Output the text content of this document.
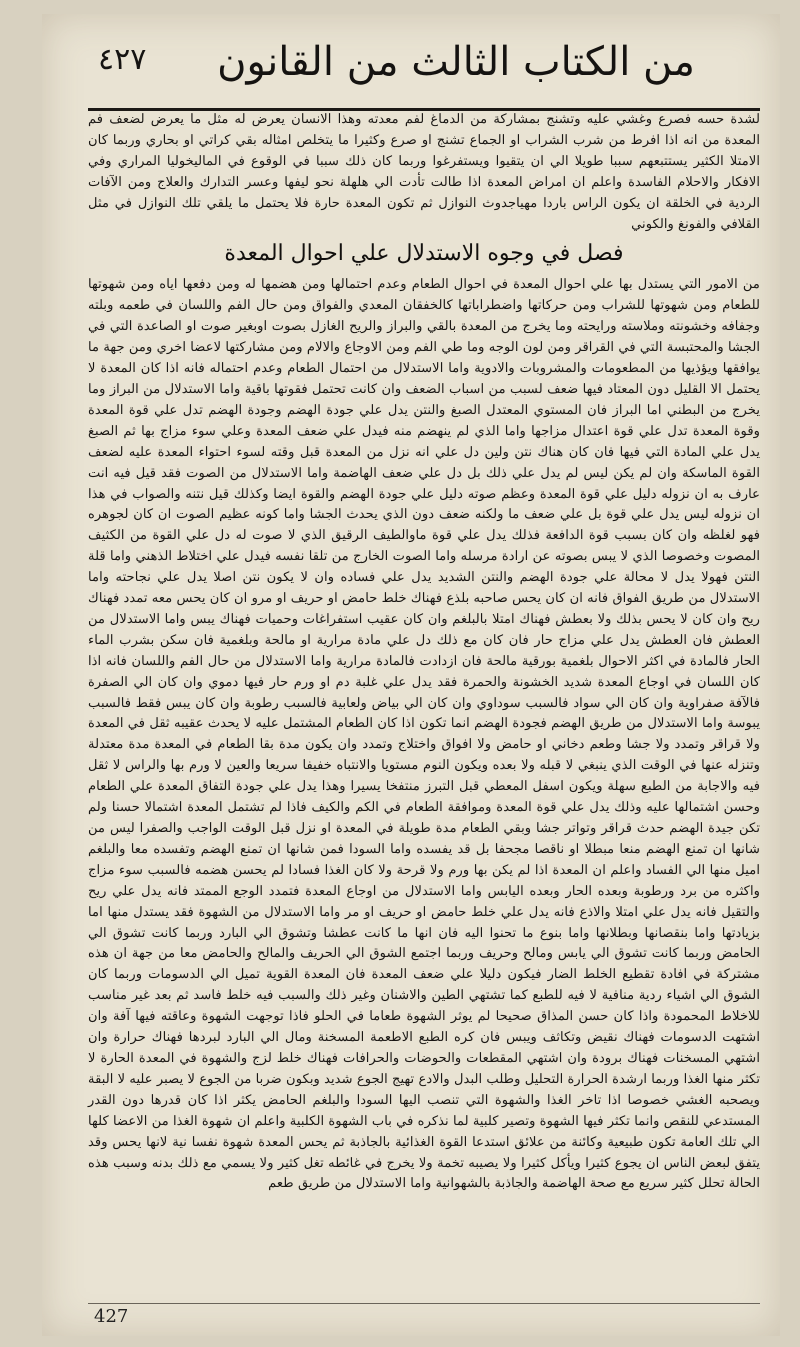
من الكتاب الثالث من القانون
٤٢٧

لشدة حسه فصرع وغشي عليه وتشنج بمشاركة من الدماغ لفم معدته وهذا الانسان يعرض له مثل ما يعرض لضعف فم المعدة من انه اذا افرط من شرب الشراب او الجماع تشنج او صرع وكثيرا ما يتخلص امثاله بقي كراتي او بحاري وربما كان الامتلا الكثير يستتبعهم سببا طويلا الي ان يتقيوا ويستفرغوا وربما كان ذلك سببا في الوقوع في الماليخوليا المراري وفي الافكار والاحلام الفاسدة واعلم ان امراض المعدة اذا طالت تأدت الي هلهلة نحو ليفها وعسر التدارك والعلاج ومن الآفات الردية في الخلقة ان يكون الراس باردا مهياجدوث النوازل ثم تكون المعدة حارة فلا يحتمل ما يلقي تلك النوازل في مثل القلافي والفونغ والكوني

فصل في وجوه الاستدلال علي احوال المعدة

من الامور التي يستدل بها علي احوال المعدة في احوال الطعام وعدم احتمالها ومن هضمها له ومن دفعها اياه ومن شهوتها للطعام ومن شهوتها للشراب ومن حركاتها واضطراباتها كالخفقان المعدي والفواق ومن حال الفم واللسان في طعمه وبلته وجفافه وخشونته وملاسته ورايحته وما يخرج من المعدة بالقي والبراز والريح الغازل بصوت اوبغير صوت او الصاعدة التي في الجشا والمحتبسة التي في القراقر ومن لون الوجه وما طي الفم ومن الاوجاع والالام ومن مشاركتها لاعضا اخري ومن جهة ما يوافقها ويؤذيها من المطعومات والمشروبات والادوية واما الاستدلال من احتمال الطعام وعدم احتماله فانه اذا كان المعدة لا يحتمل الا القليل دون المعتاد فيها ضعف لسبب من اسباب الضعف وان كانت تحتمل فقوتها باقية واما الاستدلال من البراز وما يخرج من البطني اما البراز فان المستوي المعتدل الصبغ والنتن يدل علي جودة الهضم وجودة الهضم تدل علي قوة المعدة وقوة المعدة تدل علي قوة اعتدال مزاجها واما الذي لم ينهضم منه فيدل علي ضعف المعدة وعلي سوء مزاج بها ثم الصبغ يدل علي المادة التي فيها فان كان هناك نتن ولين دل علي انه نزل من المعدة قبل وقته لسوء احتواء المعدة عليه لضعف القوة الماسكة وان لم يكن ليس لم يدل علي ذلك بل دل علي ضعف الهاضمة واما الاستدلال من الصوت فقد قيل فيه انت عارف به ان نزوله دليل علي قوة المعدة وعظم صوته دليل علي جودة الهضم والقوة ايضا وكذلك قيل نتنه والصواب في هذا ان نزوله ليس يدل علي قوة بل علي ضعف ما ولكنه ضعف دون الذي يحدث الجشا واما كونه عظيم الصوت ان كان لجوهره فهو لغلظه وان كان بسبب قوة الدافعة فذلك يدل علي قوة ماوالطيف الرقيق الذي لا صوت له دل علي القوة من الكثيف المصوت وخصوصا الذي لا يبس بصوته عن ارادة مرسله واما الصوت الخارج من تلقا نفسه فيدل علي اختلاط الذهني واما قلة النتن فهولا يدل لا محالة علي جودة الهضم والنتن الشديد يدل علي فساده وان لا يكون نتن اصلا يدل علي نجاحته واما الاستدلال من طريق الفواق فانه ان كان يحس صاحبه بلذع فهناك خلط حامض او حريف او مرو ان كان يحس معه تمدد فهناك ريح وان كان لا يحس بذلك ولا بعطش فهناك امتلا بالبلغم وان كان عقيب استفراغات وحميات فهناك يبس واما الاستدلال من العطش فان العطش يدل علي مزاج حار فان كان مع ذلك دل علي مادة مرارية او مالحة وبلغمية فان سكن بشرب الماء الحار فالمادة في اكثر الاحوال بلغمية بورقية مالحة فان ازدادت فالمادة مرارية واما الاستدلال من حال الفم واللسان فانه اذا كان اللسان في اوجاع المعدة شديد الخشونة والحمرة فقد يدل علي غلبة دم او ورم حار فيها دموي وان كان الي الصفرة فالآفة صفراوية وان كان الي سواد فالسبب سوداوي وان كان الي بياض ولعابية فالسبب رطوبة وان كان يبس فقط فالسبب يبوسة واما الاستدلال من طريق الهضم فجودة الهضم انما تكون اذا كان الطعام المشتمل عليه لا يحدث عقيبه ثقل في المعدة ولا قراقر وتمدد ولا جشا وطعم دخاني او حامض ولا افواق واختلاج وتمدد وان يكون مدة بقا الطعام في المعدة مدة معتدلة وتنزله عنها في الوقت الذي ينبغي لا قبله ولا بعده ويكون النوم مستويا والانتباه خفيفا سريعا والعين لا ورم بها والراس لا ثقل فيه والاجابة من الطبع سهلة ويكون اسفل المعطي قبل التبرز منتفخا يسيرا وهذا يدل علي جودة التفاق المعدة علي الطعام وحسن اشتمالها عليه وذلك يدل علي قوة المعدة وموافقة الطعام في الكم والكيف فاذا لم تشتمل المعدة اشتمالا حسنا ولم تكن جيدة الهضم حدث قراقر وتواتر جشا وبقي الطعام مدة طويلة في المعدة او نزل قبل الوقت الواجب والصفرا ليس من شانها ان تمنع الهضم منعا مبطلا او ناقصا مجحفا بل قد يفسده واما السودا فمن شانها ان تمنع الهضم وتفسده معا والبلغم اميل منها الي الفساد واعلم ان المعدة اذا لم يكن بها ورم ولا قرحة ولا كان الغذا فسادا لم يحسن هضمه فالسبب سوء مزاج واكثره من برد ورطوبة وبعده الحار وبعده اليابس واما الاستدلال من اوجاع المعدة فتمدد الوجع الممتد فانه يدل علي ريح والتقيل فانه يدل علي امتلا والاذع فانه يدل علي خلط حامض او حريف او مر واما الاستدلال من الشهوة فقد يستدل منها اما بزيادتها واما بنقصانها وبطلانها واما بنوع ما تحنوا اليه فان انها ما كانت عطشا وتشوق الي البارد وربما كانت تشوق الي الحامض وربما كانت تشوق الي يابس ومالح وحريف وربما اجتمع الشوق الي الحريف والمالح والحامض معا من جهة ان هذه مشتركة في افادة تقطيع الخلط الضار فيكون دليلا علي ضعف المعدة فان المعدة القوية تميل الي الدسومات وربما كان الشوق الي اشياء ردية منافية لا فيه للطبع كما تشتهي الطين والاشنان وغير ذلك والسبب فيه خلط فاسد ثم بعد غير مناسب للاخلاط المحمودة واذا كان حسن المذاق صحيحا لم يوثر الشهوة طعاما في الحلو فاذا توجهت الشهوة وعاقته فيها آفة وان اشتهت الدسومات فهناك نقيض وتكاثف ويبس فان كره الطبع الاطعمة المسخنة ومال الي البارد لبردها فهناك حرارة وان اشتهي المسخنات فهناك برودة وان اشتهي المقطعات والحوضات والحرافات فهناك خلط لزج والشهوة في المعدة الحارة لا تكثر منها الغذا وربما ارشدة الحرارة التحليل وطلب البدل والادع تهيج الجوع شديد وبكون ضربا من الجوع لا يصبر عليه لا البقة ويصحبه الغشي خصوصا اذا تاخر الغذا والشهوة التي تنصب اليها السودا والبلغم الحامض يكثر اذا كان قدرها دون القدر المستدعي للنقص وانما تكثر فيها الشهوة وتصير كلبية لما نذكره في باب الشهوة الكلبية واعلم ان شهوة الغذا من الاعضا كلها الي تلك العامة تكون طبيعية وكائنة من علائق استدعا القوة الغذائية بالجاذبة ثم يحس المعدة شهوة نفسا نية لانها يحس وقد يتفق لبعض الناس ان يجوع كثيرا ويأكل كثيرا ولا يصيبه تخمة ولا يخرج في غائطه تغل كثير ولا يسمي مع ذلك بدنه وسبب هذه الحالة تحلل كثير سريع مع صحة الهاضمة والجاذبة بالشهوانية واما الاستدلال من طريق طعم

427
